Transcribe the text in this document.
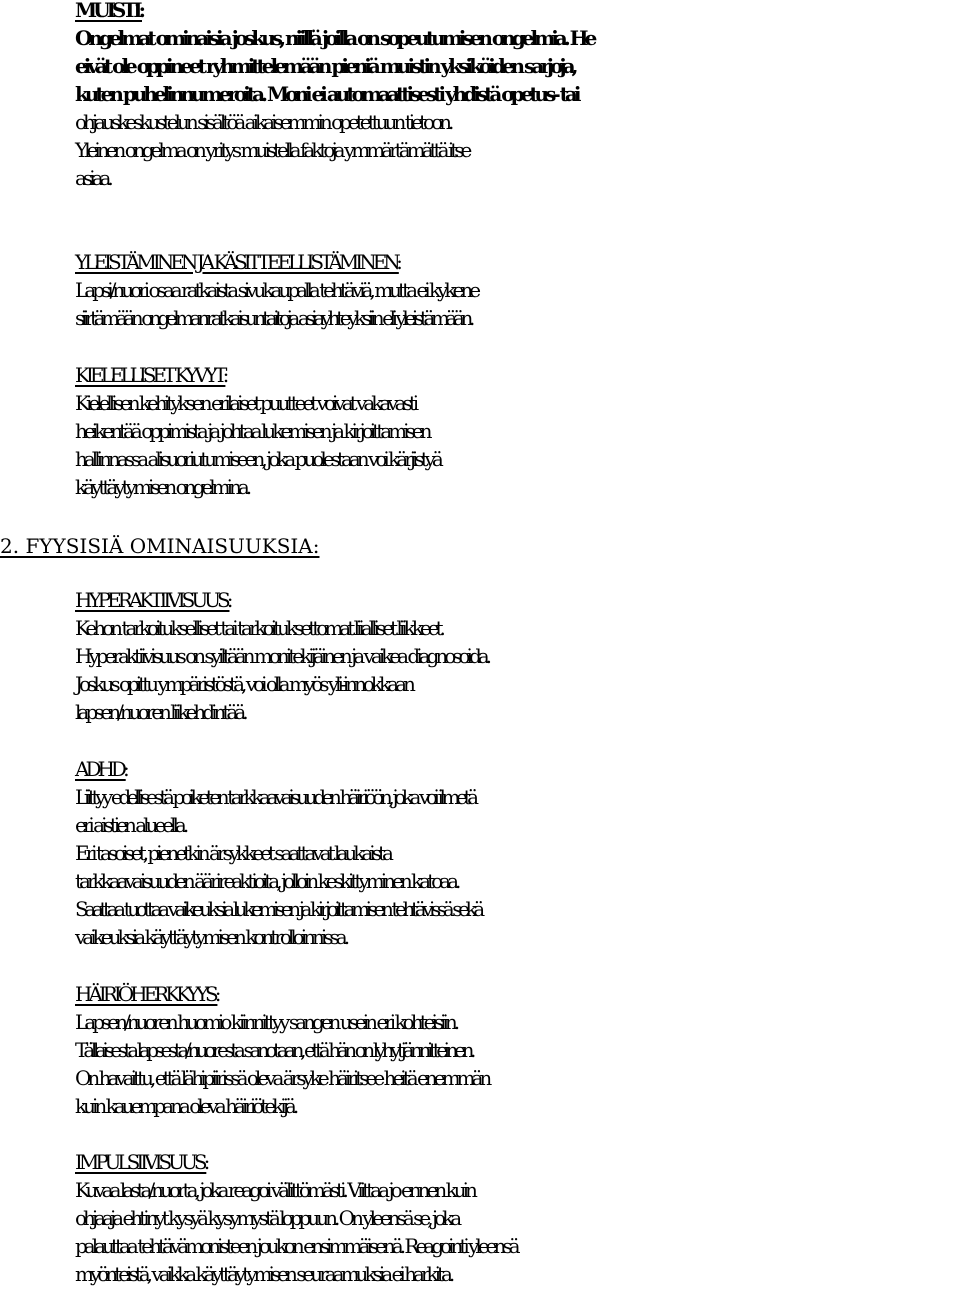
MUISTI:
Ongelmat ominaisia joskus, niillä joilla on sopeutumisen ongelmia. He
eivät ole oppineet ryhmittelemään pieniä muistin yksiköiden sarjoja,
kuten puhelinnumeroita. Moni ei automaattisesti yhdistä opetus- tai
ohjauskeskustelun sisältöä aikaisemmin opetettuun tietoon.
Yleinen ongelma on yritys muistella faktoja ymmärtämättä itse
asiaa.
YLEISTÄMINEN JA KÄSITTEELLISTÄMINEN:
Lapsi/nuori osaa ratkaista sivukaupalla tehtäviä, mutta ei kykene
siirtämään ongelmanratkaisuntaitoja asiayhteyksiin eli yleistämään.
KIELELLISET KYVYT:
Kielellisen kehityksen erilaiset puutteet voivat vakavasti
heikentää oppimista ja johtaa lukemisen ja kirjoittamisen
hallinnassa alisuoriutumiseen, joka puolestaan voi kärjistyä
käyttäytymisen ongelmina.
2. FYYSISIÄ OMINAISUUKSIA:
HYPERAKTIIVISUUS:
Kehon tarkoitukselliset tai tarkoituksettomat liialliset liikkeet.
Hyperaktiivisuus on syiltään monitekijäinen ja vaikea diagnosoida.
Joskus opittu ympäristöstä, voi olla myös yli-innokkaan
lapsen/nuoren liikehdintää.
ADHD:
Liittyy edellisestä poiketen tarkkaavaisuuden häiriöön, joka voi ilmetä
eri aistien alueella.
Eri tasoiset, pienetkin ärsykkeet saattavat laukaista
tarkkaavaisuuden äärireaktioita, jolloin keskittyminen katoaa.
Saattaa tuottaa vaikeuksia lukemisen ja kirjoittamisen tehtävissä sekä
vaikeuksia käyttäytymisen kontrolloinnissa.
HÄIRIÖHERKKYYS:
Lapsen/nuoren huomio kiinnittyy sangen usein eri kohteisiin.
Tällaisesta lapsesta/nuoresta sanotaan, että hän on lyhytjännitteinen.
On havaittu, että lähipiirissä oleva ärsyke häiritsee heitä enemmän
kuin kauempana oleva häiriötekijä.
IMPULSIIVISUUS:
Kuvaa lasta/nuorta, joka reagoi välittömästi. Viittaa jo ennen kuin
ohjaaja ehtinyt kysyä kysymystä loppuun. On yleensä se, joka
palauttaa tehtävämonisteen joukon ensimmäisenä. Reagointi yleensä
myönteistä, vaikka käyttäytymisen seuraamuksia ei harkita.
